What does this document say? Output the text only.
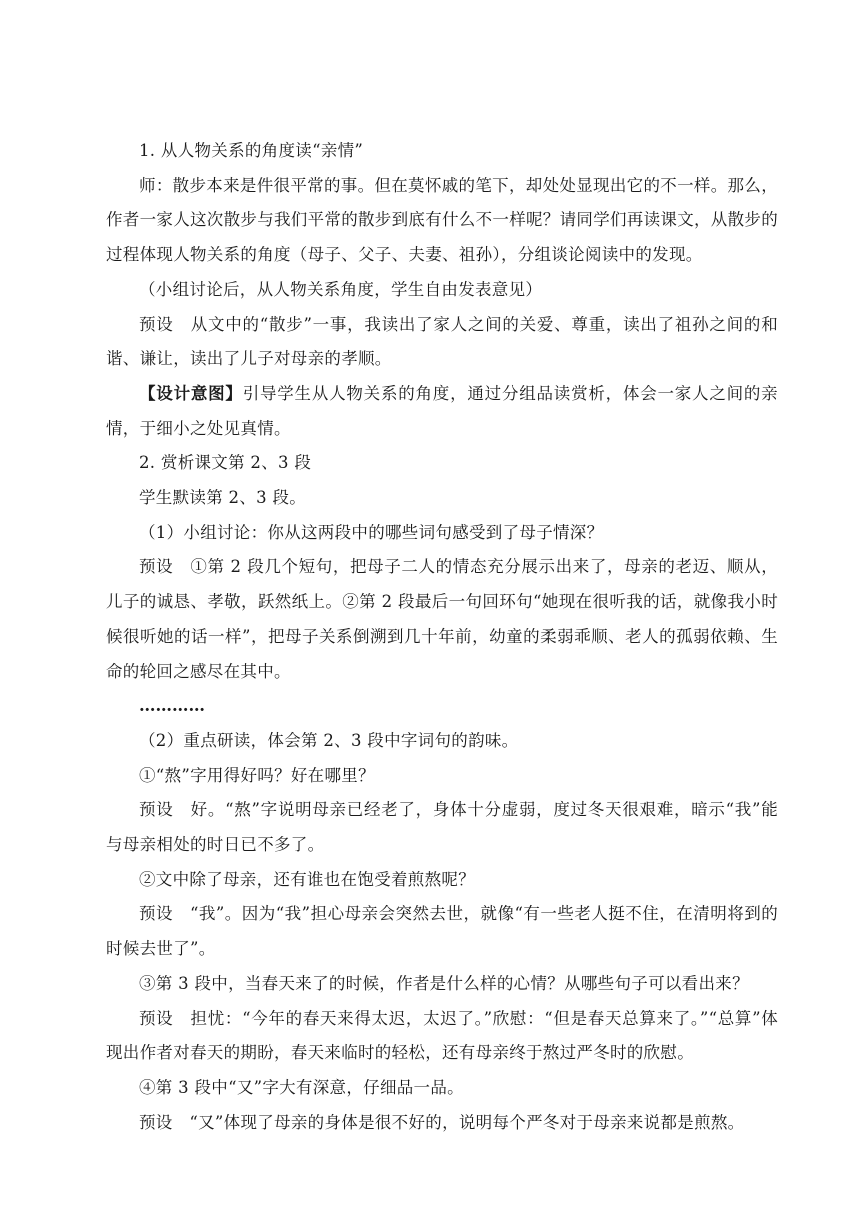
1. 从人物关系的角度读“亲情”

师：散步本来是件很平常的事。但在莫怀戚的笔下，却处处显现出它的不一样。那么，作者一家人这次散步与我们平常的散步到底有什么不一样呢？请同学们再读课文，从散步的过程体现人物关系的角度（母子、父子、夫妻、祖孙），分组谈论阅读中的发现。

（小组讨论后，从人物关系角度，学生自由发表意见）

预设　从文中的“散步”一事，我读出了家人之间的关爱、尊重，读出了祖孙之间的和谐、谦让，读出了儿子对母亲的孝顺。

【设计意图】引导学生从人物关系的角度，通过分组品读赏析，体会一家人之间的亲情，于细小之处见真情。

2. 赏析课文第 2、3 段

学生默读第 2、3 段。

（1）小组讨论：你从这两段中的哪些词句感受到了母子情深？

预设　①第 2 段几个短句，把母子二人的情态充分展示出来了，母亲的老迈、顺从，儿子的诚恳、孝敬，跃然纸上。②第 2 段最后一句回环句“她现在很听我的话，就像我小时候很听她的话一样”，把母子关系倒溯到几十年前，幼童的柔弱乖顺、老人的孤弱依赖、生命的轮回之感尽在其中。

…………

（2）重点研读，体会第 2、3 段中字词句的韵味。

①“熬”字用得好吗？好在哪里？

预设　好。“熬”字说明母亲已经老了，身体十分虚弱，度过冬天很艰难，暗示“我”能与母亲相处的时日已不多了。

②文中除了母亲，还有谁也在饱受着煎熬呢？

预设　“我”。因为“我”担心母亲会突然去世，就像“有一些老人挺不住，在清明将到的时候去世了”。

③第 3 段中，当春天来了的时候，作者是什么样的心情？从哪些句子可以看出来？

预设　担忧：“今年的春天来得太迟，太迟了。”欣慰：“但是春天总算来了。”“总算”体现出作者对春天的期盼，春天来临时的轻松，还有母亲终于熬过严冬时的欣慰。

④第 3 段中“又”字大有深意，仔细品一品。

预设　“又”体现了母亲的身体是很不好的，说明每个严冬对于母亲来说都是煎熬。
